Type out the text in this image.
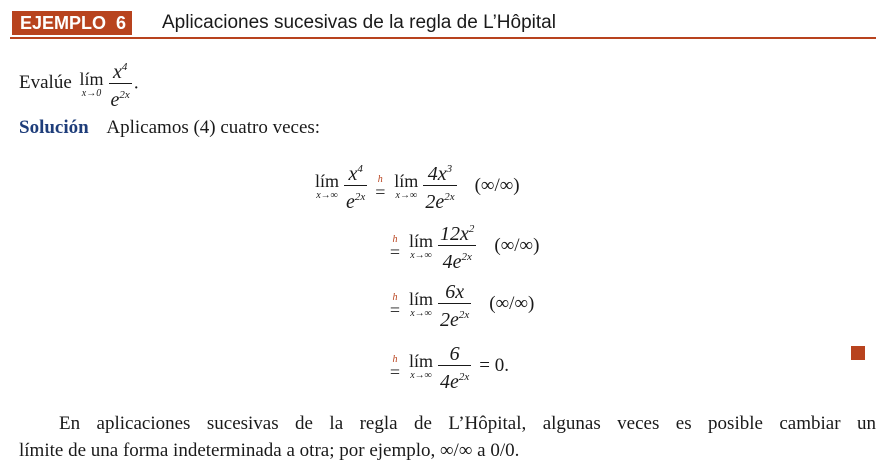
EJEMPLO 6 Aplicaciones sucesivas de la regla de L’Hôpital
Evalúe lím
$x\to 0 \frac{x^4}{e^{2x}}$ .
Solución Aplicamos (4) cuatro veces:
lím
$x\to\infty \frac{x^4}{e^{2x}}$	h
=
lím
$x\to\infty \frac{4x^3}{2e^{2x}}$ (∞/∞)
h
=
lím
$x\to\infty \frac{12x^2}{4e^{2x}}$ (∞/∞)
h
=
lím
$x\to\infty \frac{6x}{2e^{2x}}$ (∞/∞)
h
=
lím
$x\to\infty \frac{6}{4e^{2x}} = 0$.
En aplicaciones sucesivas de la regla de L’Hôpital, algunas veces es posible cambiar un
límite de una forma indeterminada a otra; por ejemplo, ∞/∞ a 0/0.
